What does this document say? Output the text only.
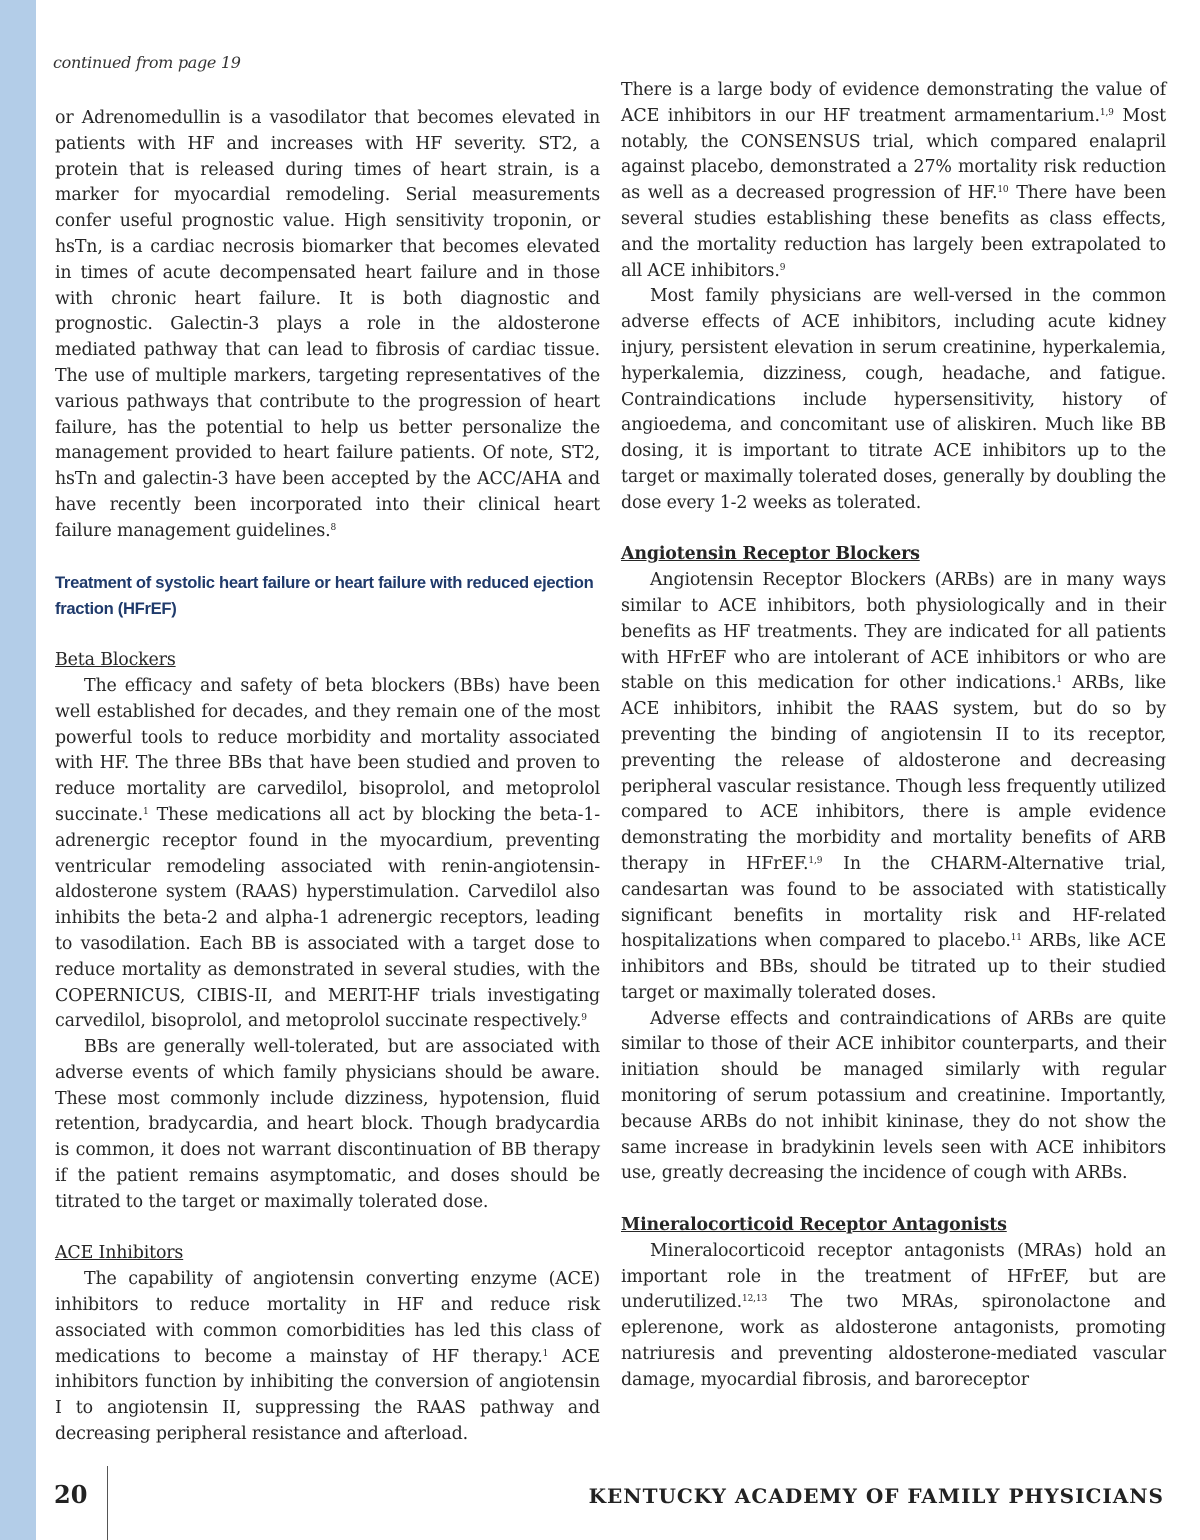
continued from page 19

or Adrenomedullin is a vasodilator that becomes elevated in patients with HF and increases with HF severity. ST2, a protein that is released during times of heart strain, is a marker for myocardial remodeling. Serial measurements confer useful prognostic value. High sensitivity troponin, or hsTn, is a cardiac necrosis biomarker that becomes elevated in times of acute decompensated heart failure and in those with chronic heart failure. It is both diagnostic and prognostic. Galectin-3 plays a role in the aldosterone mediated pathway that can lead to fibrosis of cardiac tissue. The use of multiple markers, targeting representatives of the various pathways that contribute to the progression of heart failure, has the potential to help us better personalize the management provided to heart failure patients. Of note, ST2, hsTn and galectin-3 have been accepted by the ACC/AHA and have recently been incorporated into their clinical heart failure management guidelines.$^8$

Treatment of systolic heart failure or heart failure with reduced ejection fraction (HFrEF)

Beta Blockers

The efficacy and safety of beta blockers (BBs) have been well established for decades, and they remain one of the most powerful tools to reduce morbidity and mortality associated with HF. The three BBs that have been studied and proven to reduce mortality are carvedilol, bisoprolol, and metoprolol succinate.$^1$ These medications all act by blocking the beta-1-adrenergic receptor found in the myocardium, preventing ventricular remodeling associated with renin-angiotensin-aldosterone system (RAAS) hyperstimulation. Carvedilol also inhibits the beta-2 and alpha-1 adrenergic receptors, leading to vasodilation. Each BB is associated with a target dose to reduce mortality as demonstrated in several studies, with the COPERNICUS, CIBIS-II, and MERIT-HF trials investigating carvedilol, bisoprolol, and metoprolol succinate respectively.$^9$

BBs are generally well-tolerated, but are associated with adverse events of which family physicians should be aware. These most commonly include dizziness, hypotension, fluid retention, bradycardia, and heart block. Though bradycardia is common, it does not warrant discontinuation of BB therapy if the patient remains asymptomatic, and doses should be titrated to the target or maximally tolerated dose.

ACE Inhibitors

The capability of angiotensin converting enzyme (ACE) inhibitors to reduce mortality in HF and reduce risk associated with common comorbidities has led this class of medications to become a mainstay of HF therapy.$^1$ ACE inhibitors function by inhibiting the conversion of angiotensin I to angiotensin II, suppressing the RAAS pathway and decreasing peripheral resistance and afterload.

There is a large body of evidence demonstrating the value of ACE inhibitors in our HF treatment armamentarium.$^{1,9}$ Most notably, the CONSENSUS trial, which compared enalapril against placebo, demonstrated a 27% mortality risk reduction as well as a decreased progression of HF.$^{10}$ There have been several studies establishing these benefits as class effects, and the mortality reduction has largely been extrapolated to all ACE inhibitors.$^9$

Most family physicians are well-versed in the common adverse effects of ACE inhibitors, including acute kidney injury, persistent elevation in serum creatinine, hyperkalemia, hyperkalemia, dizziness, cough, headache, and fatigue. Contraindications include hypersensitivity, history of angioedema, and concomitant use of aliskiren. Much like BB dosing, it is important to titrate ACE inhibitors up to the target or maximally tolerated doses, generally by doubling the dose every 1-2 weeks as tolerated.

Angiotensin Receptor Blockers

Angiotensin Receptor Blockers (ARBs) are in many ways similar to ACE inhibitors, both physiologically and in their benefits as HF treatments. They are indicated for all patients with HFrEF who are intolerant of ACE inhibitors or who are stable on this medication for other indications.$^1$ ARBs, like ACE inhibitors, inhibit the RAAS system, but do so by preventing the binding of angiotensin II to its receptor, preventing the release of aldosterone and decreasing peripheral vascular resistance. Though less frequently utilized compared to ACE inhibitors, there is ample evidence demonstrating the morbidity and mortality benefits of ARB therapy in HFrEF.$^{1,9}$ In the CHARM-Alternative trial, candesartan was found to be associated with statistically significant benefits in mortality risk and HF-related hospitalizations when compared to placebo.$^{11}$ ARBs, like ACE inhibitors and BBs, should be titrated up to their studied target or maximally tolerated doses.

Adverse effects and contraindications of ARBs are quite similar to those of their ACE inhibitor counterparts, and their initiation should be managed similarly with regular monitoring of serum potassium and creatinine. Importantly, because ARBs do not inhibit kininase, they do not show the same increase in bradykinin levels seen with ACE inhibitors use, greatly decreasing the incidence of cough with ARBs.

Mineralocorticoid Receptor Antagonists

Mineralocorticoid receptor antagonists (MRAs) hold an important role in the treatment of HFrEF, but are underutilized.$^{12,13}$ The two MRAs, spironolactone and eplerenone, work as aldosterone antagonists, promoting natriuresis and preventing aldosterone-mediated vascular damage, myocardial fibrosis, and baroreceptor

20	KENTUCKY ACADEMY OF FAMILY PHYSICIANS
